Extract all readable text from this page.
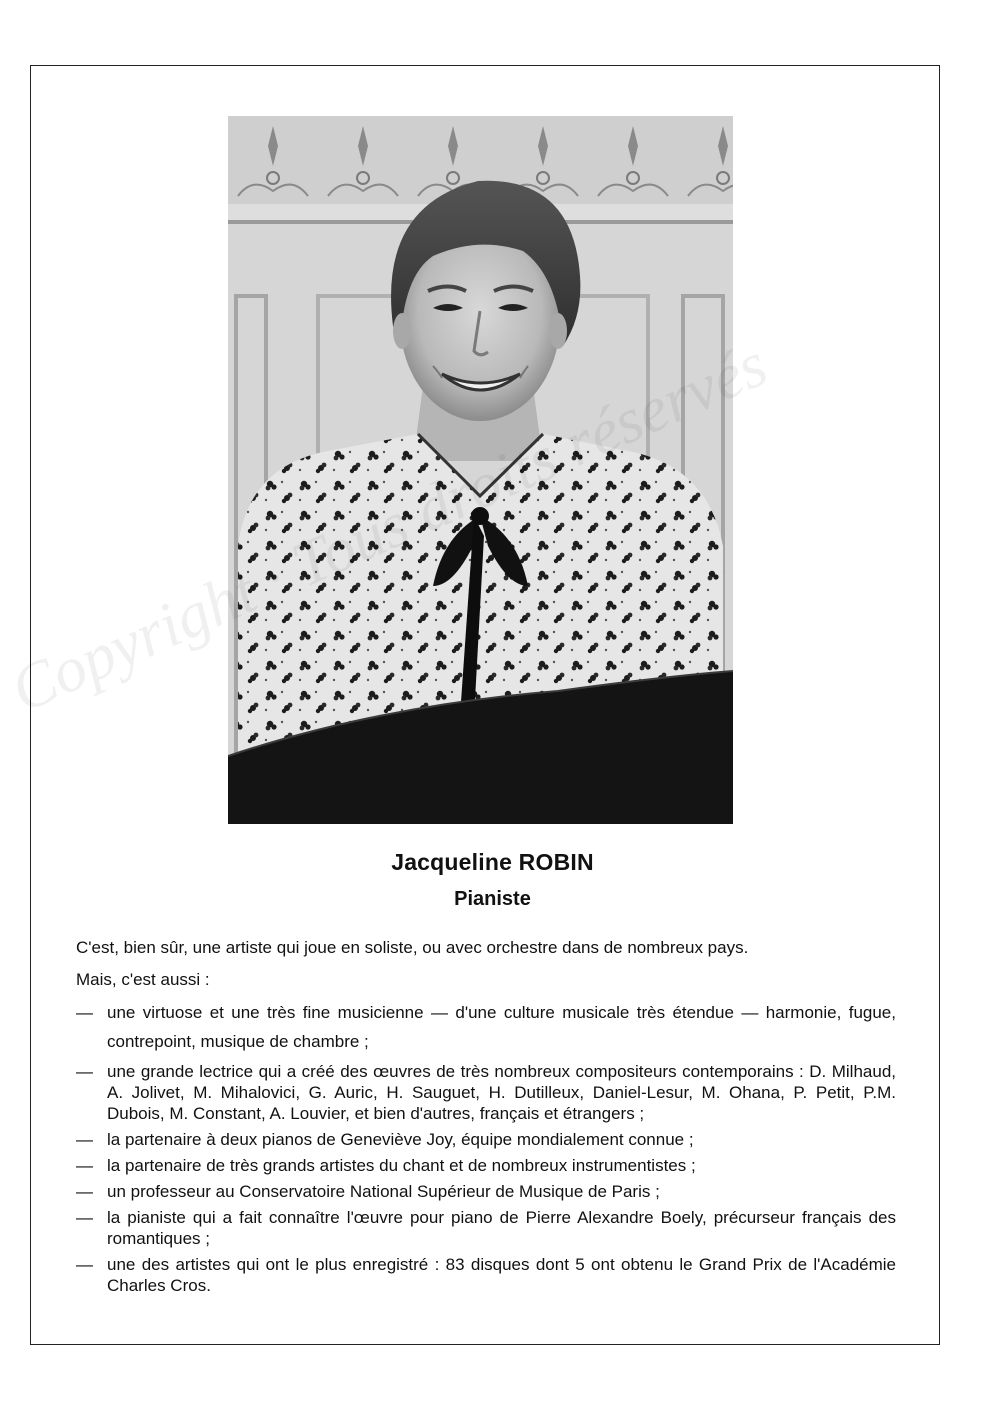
Copyright
Jacqueline ROBIN
Pianiste
C'est, bien sûr, une artiste qui joue en soliste, ou avec orchestre dans de nombreux pays.
Mais, c'est aussi :
— une virtuose et une très fine musicienne — d'une culture musicale très étendue — harmonie, fugue, contrepoint, musique de chambre ;
— une grande lectrice qui a créé des œuvres de très nombreux compositeurs contemporains : D. Milhaud, A. Jolivet, M. Mihalovici, G. Auric, H. Sauguet, H. Dutilleux, Daniel-Lesur, M. Ohana, P. Petit, P.M. Dubois, M. Constant, A. Louvier, et bien d'autres, français et étrangers ;
— la partenaire à deux pianos de Geneviève Joy, équipe mondialement connue ;
— la partenaire de très grands artistes du chant et de nombreux instrumentistes ;
— un professeur au Conservatoire National Supérieur de Musique de Paris ;
— la pianiste qui a fait connaître l'œuvre pour piano de Pierre Alexandre Boely, précurseur français des romantiques ;
— une des artistes qui ont le plus enregistré : 83 disques dont 5 ont obtenu le Grand Prix de l'Académie Charles Cros.
